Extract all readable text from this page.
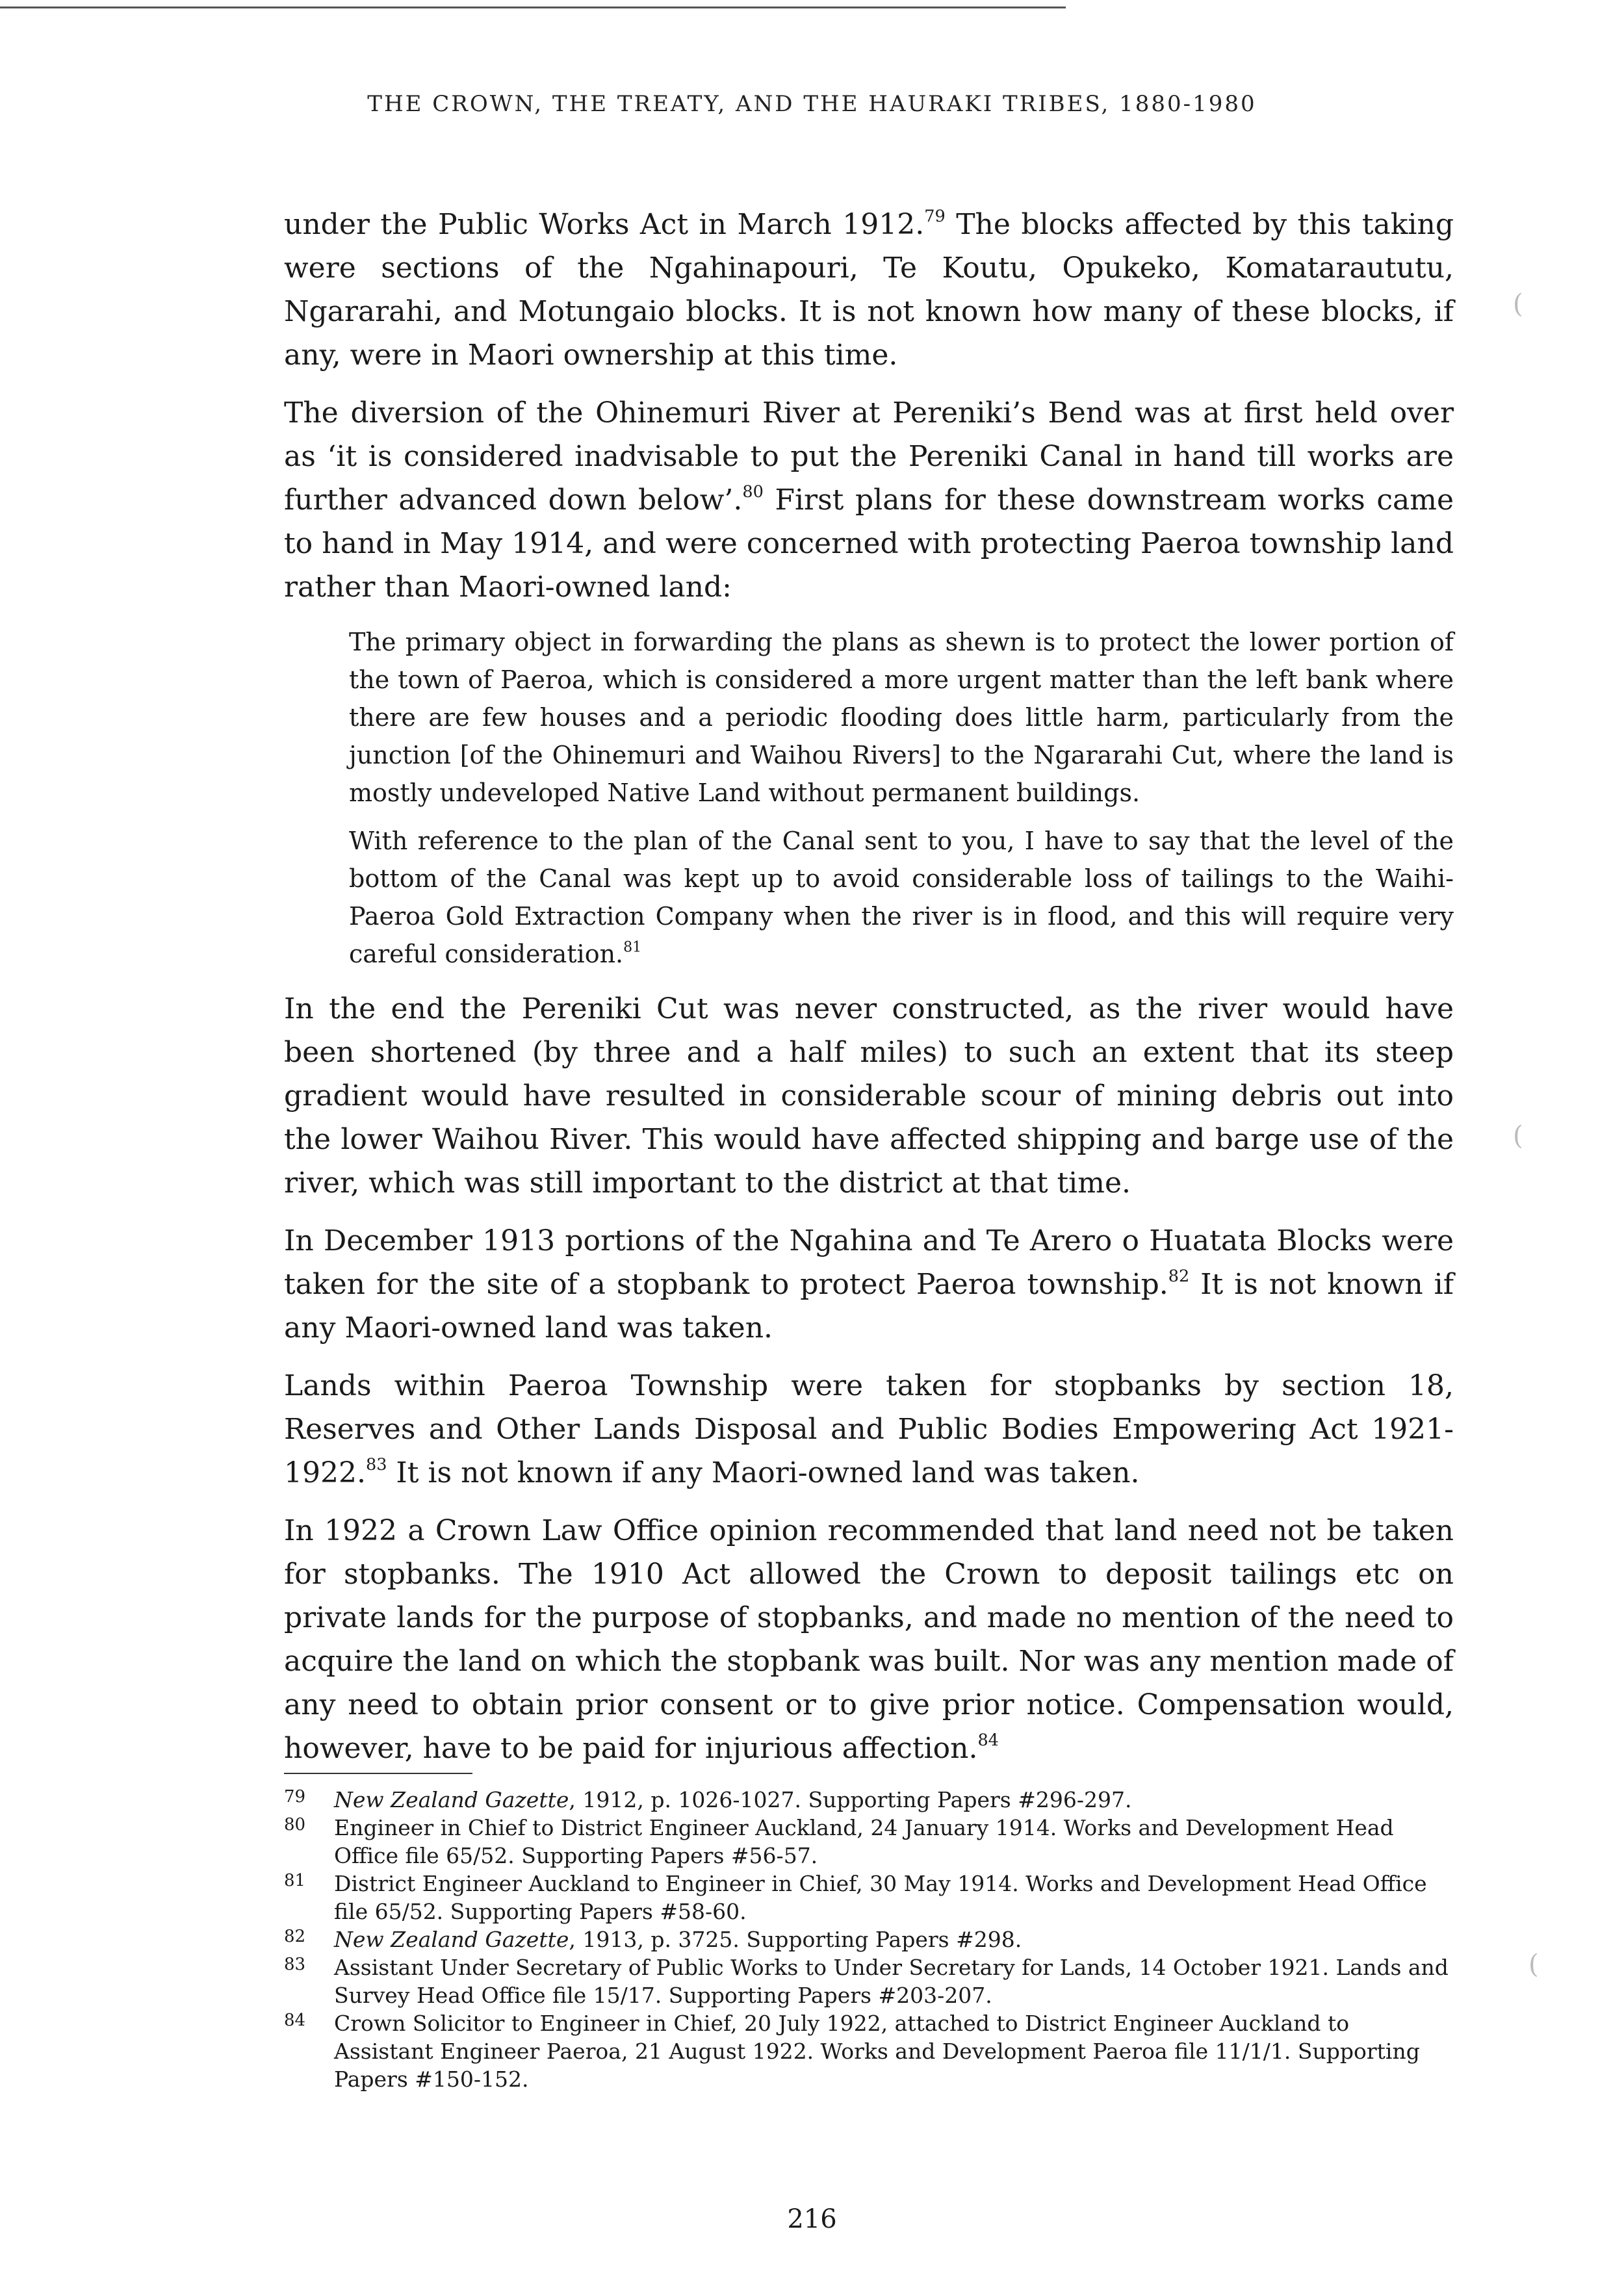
THE CROWN, THE TREATY, AND THE HAURAKI TRIBES, 1880-1980

under the Public Works Act in March 1912.79 The blocks affected by this taking were sections of the Ngahinapouri, Te Koutu, Opukeko, Komataraututu, Ngararahi, and Motungaio blocks. It is not known how many of these blocks, if any, were in Maori ownership at this time.

The diversion of the Ohinemuri River at Pereniki’s Bend was at first held over as ‘it is considered inadvisable to put the Pereniki Canal in hand till works are further advanced down below’.$^{80}$ First plans for these downstream works came to hand in May 1914, and were concerned with protecting Paeroa township land rather than Maori-owned land:

The primary object in forwarding the plans as shewn is to protect the lower portion of the town of Paeroa, which is considered a more urgent matter than the left bank where there are few houses and a periodic flooding does little harm, particularly from the junction [of the Ohinemuri and Waihou Rivers] to the Ngararahi Cut, where the land is mostly undeveloped Native Land without permanent buildings.

With reference to the plan of the Canal sent to you, I have to say that the level of the bottom of the Canal was kept up to avoid considerable loss of tailings to the Waihi-Paeroa Gold Extraction Company when the river is in flood, and this will require very careful consideration.$^{81}$

In the end the Pereniki Cut was never constructed, as the river would have been shortened (by three and a half miles) to such an extent that its steep gradient would have resulted in considerable scour of mining debris out into the lower Waihou River. This would have affected shipping and barge use of the river, which was still important to the district at that time.

In December 1913 portions of the Ngahina and Te Arero o Huatata Blocks were taken for the site of a stopbank to protect Paeroa township.$^{82}$ It is not known if any Maori-owned land was taken.

Lands within Paeroa Township were taken for stopbanks by section 18, Reserves and Other Lands Disposal and Public Bodies Empowering Act 1921-1922.83 It is not known if any Maori-owned land was taken.

In 1922 a Crown Law Office opinion recommended that land need not be taken for stopbanks. The 1910 Act allowed the Crown to deposit tailings etc on private lands for the purpose of stopbanks, and made no mention of the need to acquire the land on which the stopbank was built. Nor was any mention made of any need to obtain prior consent or to give prior notice. Compensation would, however, have to be paid for injurious affection.$^{84}$

79	New Zealand Gazette, 1912, p. 1026-1027. Supporting Papers #296-297.
80	Engineer in Chief to District Engineer Auckland, 24 January 1914. Works and Development Head Office file 65/52. Supporting Papers #56-57.
81	District Engineer Auckland to Engineer in Chief, 30 May 1914. Works and Development Head Office file 65/52. Supporting Papers #58-60.
82	New Zealand Gazette, 1913, p. 3725. Supporting Papers #298.
83	Assistant Under Secretary of Public Works to Under Secretary for Lands, 14 October 1921. Lands and Survey Head Office file 15/17. Supporting Papers #203-207.
84	Crown Solicitor to Engineer in Chief, 20 July 1922, attached to District Engineer Auckland to Assistant Engineer Paeroa, 21 August 1922. Works and Development Paeroa file 11/1/1. Supporting Papers #150-152.
216
(
(
(
